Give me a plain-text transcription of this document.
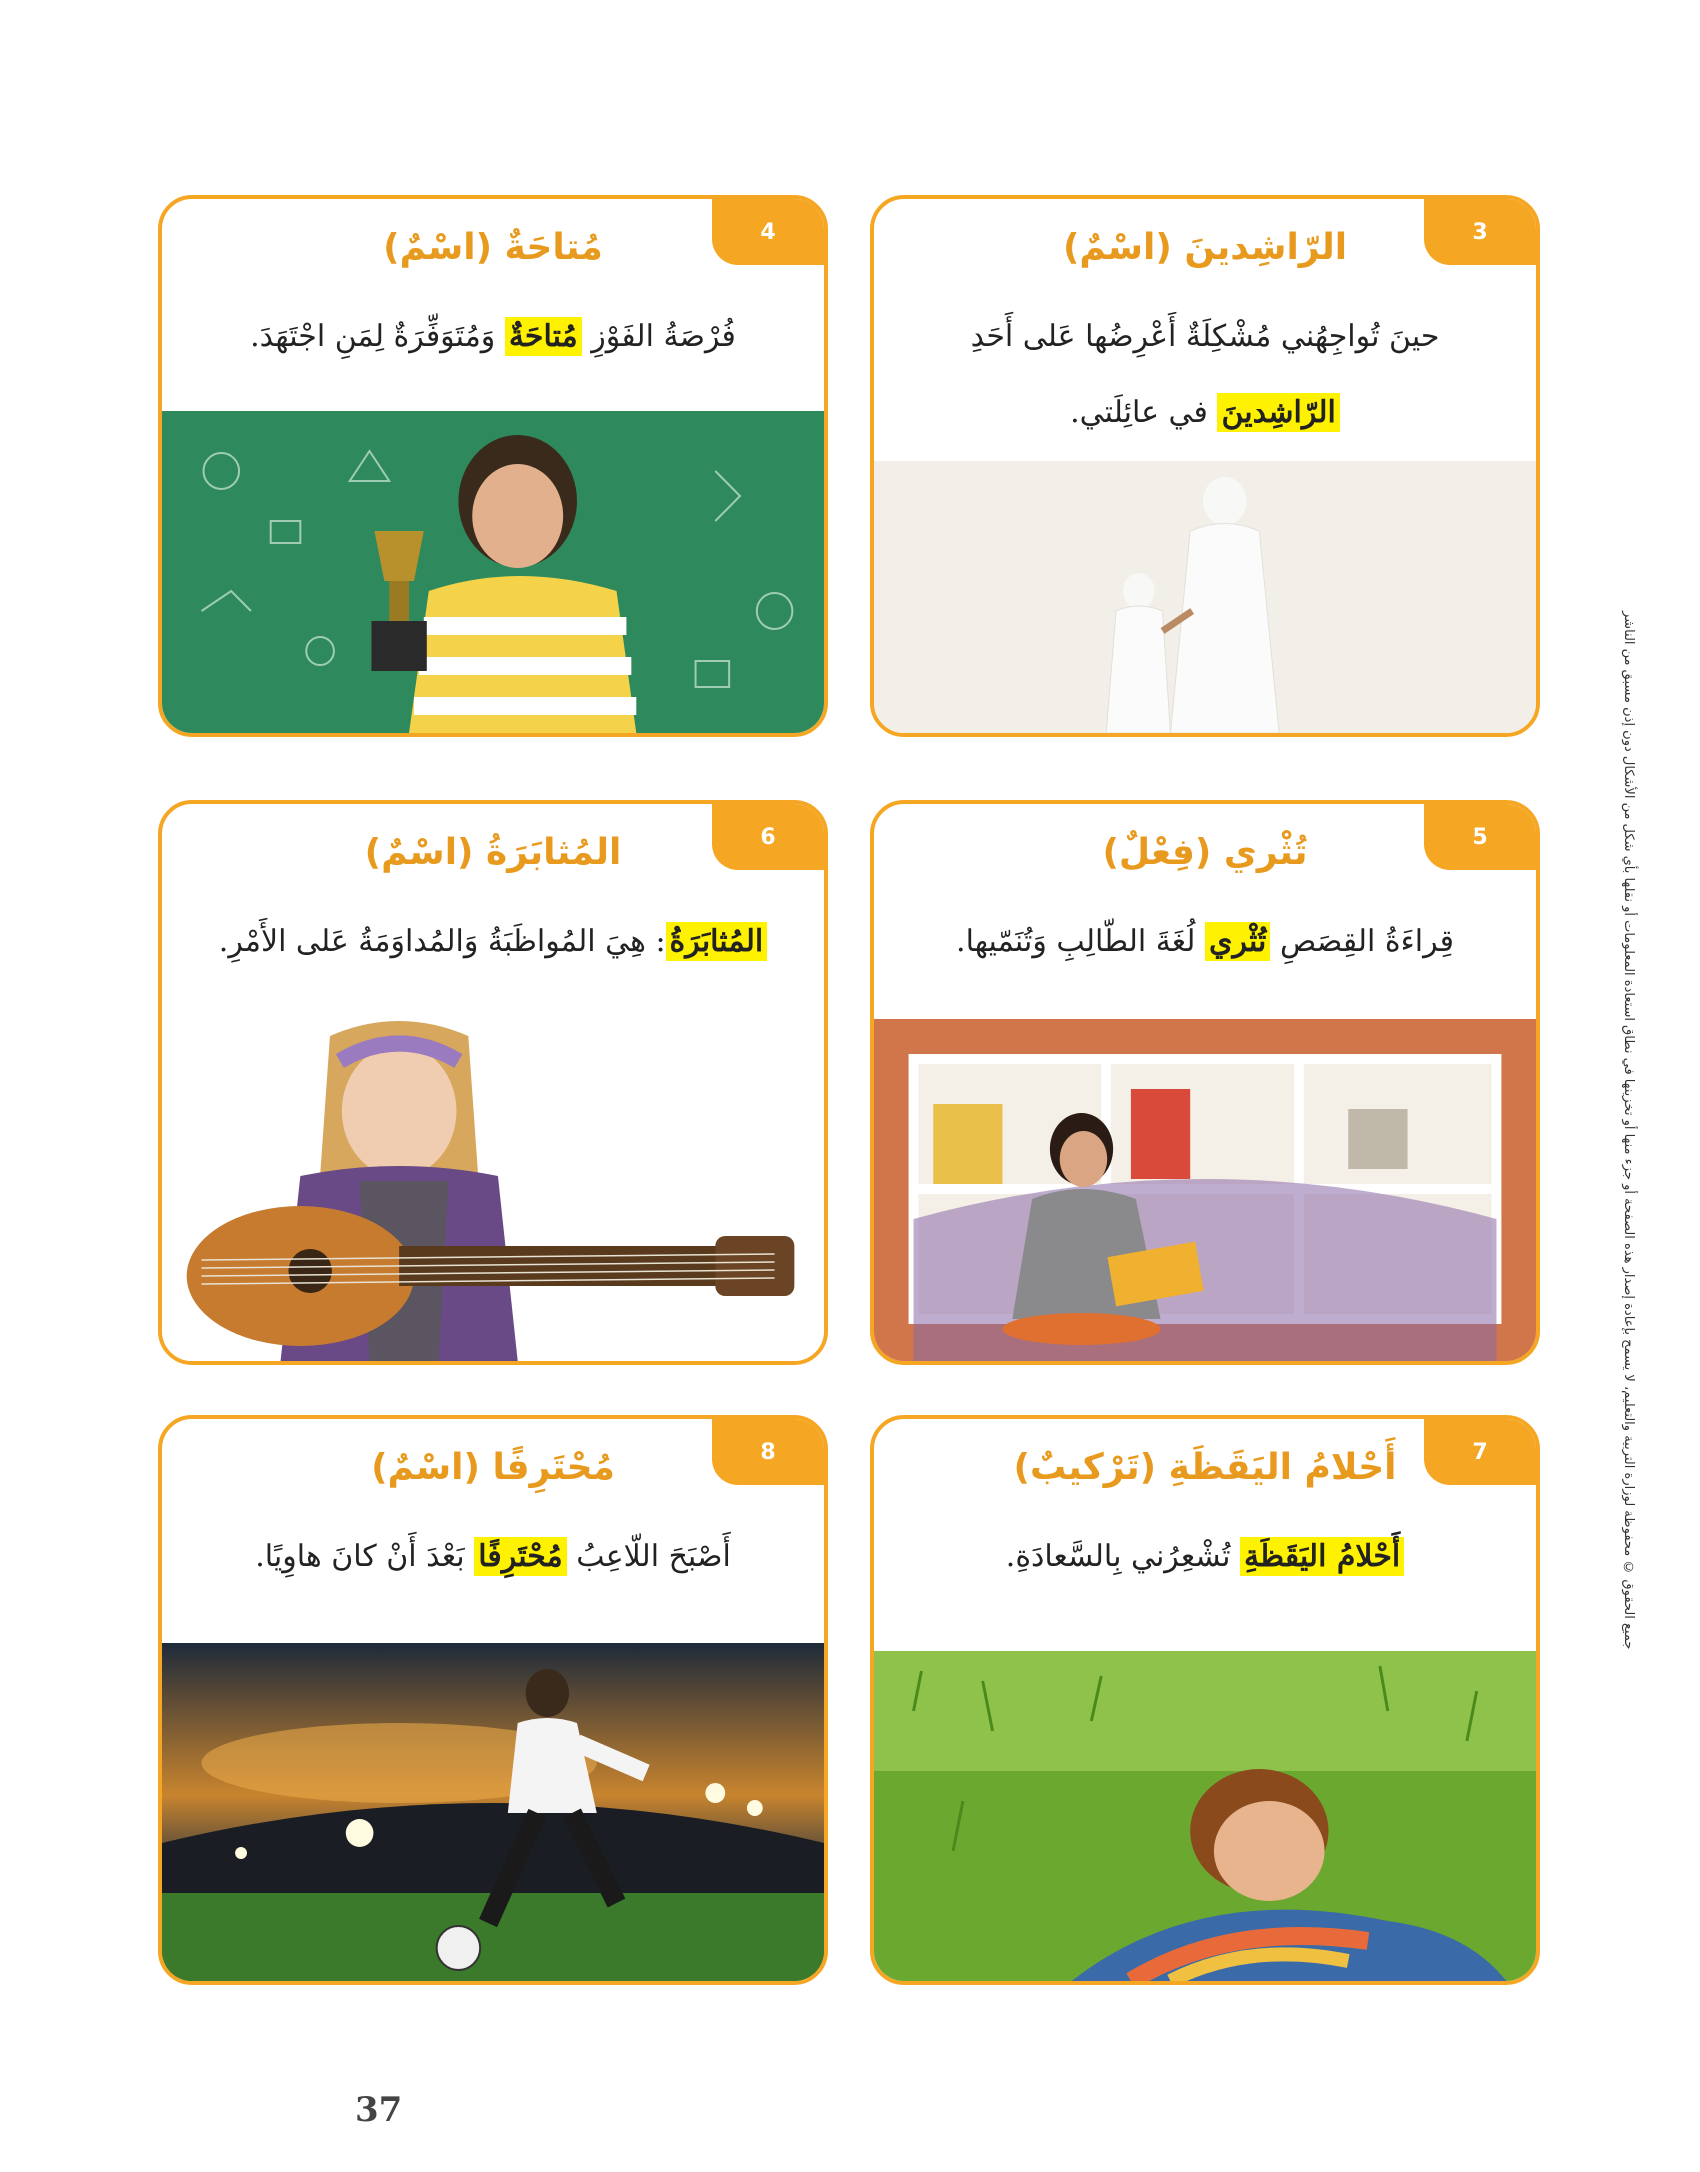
3
الرّاشِدينَ (اسْمٌ)
حينَ تُواجِهُني مُشْكِلَةٌ أَعْرِضُها عَلى أَحَدِ الرّاشِدينَ في عائِلَتي.
4
مُتاحَةٌ (اسْمٌ)
فُرْصَةُ الفَوْزِ مُتاحَةٌ وَمُتَوَفِّرَةٌ لِمَنِ اجْتَهَدَ.
5
تُثْري (فِعْلٌ)
قِراءَةُ القِصَصِ تُثْري لُغَةَ الطّالِبِ وَتُنَمّيها.
6
المُثابَرَةُ (اسْمٌ)
المُثابَرَةُ: هِيَ المُواظَبَةُ وَالمُداوَمَةُ عَلى الأَمْرِ.
7
أَحْلامُ اليَقَظَةِ (تَرْكيبٌ)
أَحْلامُ اليَقَظَةِ تُشْعِرُني بِالسَّعادَةِ.
8
مُحْتَرِفًا (اسْمٌ)
أَصْبَحَ اللّاعِبُ مُحْتَرِفًا بَعْدَ أَنْ كانَ هاوِيًا.	جميع الحقوق © محفوظة لوزارة التربية والتعليم، لا يسمح بإعادة إصدار هذه الصفحة أو جزء منها أو تخزينها في نطاق استعادة المعلومات أو نقلها بأي شكل من الأشكال دون إذن مسبق من الناشر
37
